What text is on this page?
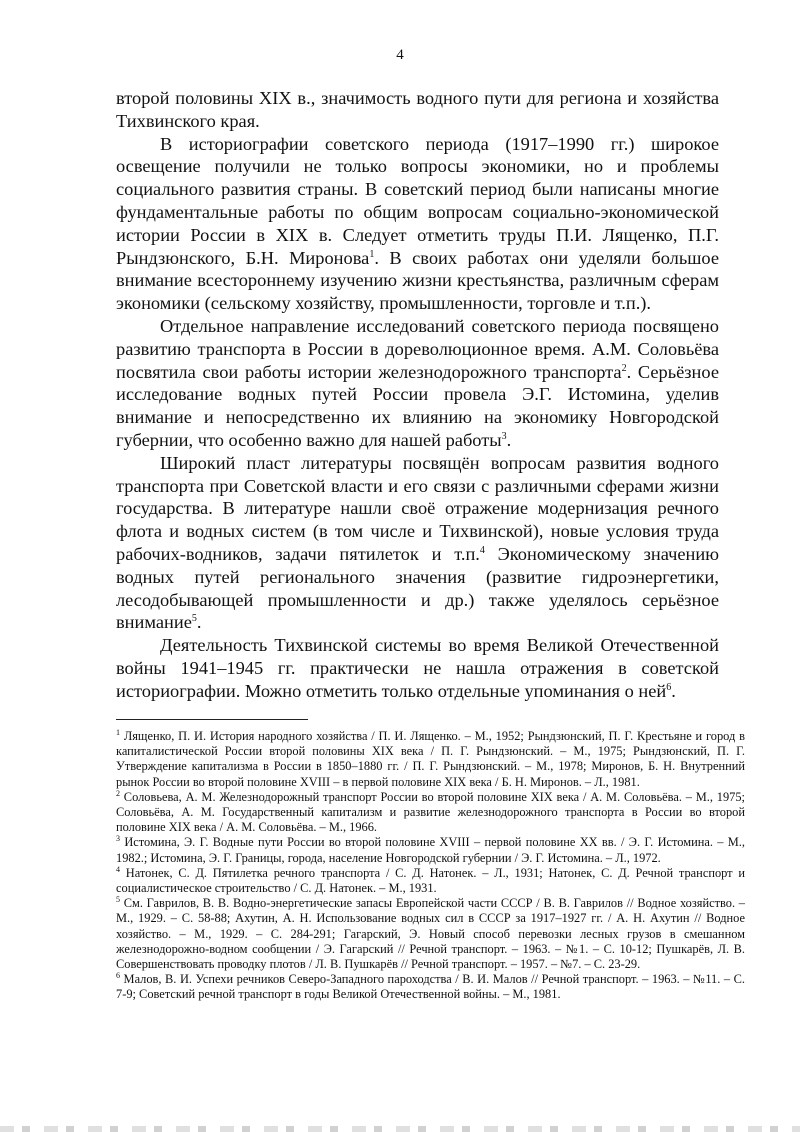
4

второй половины XIX в., значимость водного пути для региона и хозяйства Тихвинского края.

В историографии советского периода (1917–1990 гг.) широкое освещение получили не только вопросы экономики, но и проблемы социального развития страны. В советский период были написаны многие фундаментальные работы по общим вопросам социально-экономической истории России в XIX в. Следует отметить труды П.И. Лященко, П.Г. Рындзюнского, Б.Н. Миронова$^1$. В своих работах они уделяли большое внимание всестороннему изучению жизни крестьянства, различным сферам экономики (сельскому хозяйству, промышленности, торговле и т.п.).

Отдельное направление исследований советского периода посвящено развитию транспорта в России в дореволюционное время. А.М. Соловьёва посвятила свои работы истории железнодорожного транспорта$^2$. Серьёзное исследование водных путей России провела Э.Г. Истомина, уделив внимание и непосредственно их влиянию на экономику Новгородской губернии, что особенно важно для нашей работы$^3$.

Широкий пласт литературы посвящён вопросам развития водного транспорта при Советской власти и его связи с различными сферами жизни государства. В литературе нашли своё отражение модернизация речного флота и водных систем (в том числе и Тихвинской), новые условия труда рабочих-водников, задачи пятилеток и т.п.$^4$ Экономическому значению водных путей регионального значения (развитие гидроэнергетики, лесодобывающей промышленности и др.) также уделялось серьёзное внимание$^5$.

Деятельность Тихвинской системы во время Великой Отечественной войны 1941–1945 гг. практически не нашла отражения в советской историографии. Можно отметить только отдельные упоминания о ней$^6$.

$^1$ Лященко, П. И. История народного хозяйства / П. И. Лященко. – М., 1952; Рындзюнский, П. Г. Крестьяне и город в капиталистической России второй половины XIX века / П. Г. Рындзюнский. – М., 1975; Рындзюнский, П. Г. Утверждение капитализма в России в 1850–1880 гг. / П. Г. Рындзюнский. – М., 1978; Миронов, Б. Н. Внутренний рынок России во второй половине XVIII – в первой половине XIX века / Б. Н. Миронов. – Л., 1981.

$^2$ Соловьева, А. М. Железнодорожный транспорт России во второй половине XIX века / А. М. Соловьёва. – М., 1975; Соловьёва, А. М. Государственный капитализм и развитие железнодорожного транспорта в России во второй половине XIX века / А. М. Соловьёва. – М., 1966.

$^3$ Истомина, Э. Г. Водные пути России во второй половине XVIII – первой половине XX вв. / Э. Г. Истомина. – М., 1982.; Истомина, Э. Г. Границы, города, население Новгородской губернии / Э. Г. Истомина. – Л., 1972.

$^4$ Натонек, С. Д. Пятилетка речного транспорта / С. Д. Натонек. – Л., 1931; Натонек, С. Д. Речной транспорт и социалистическое строительство / С. Д. Натонек. – М., 1931.

$^5$ См. Гаврилов, В. В. Водно-энергетические запасы Европейской части СССР / В. В. Гаврилов // Водное хозяйство. – М., 1929. – С. 58-88; Ахутин, А. Н. Использование водных сил в СССР за 1917–1927 гг. / А. Н. Ахутин // Водное хозяйство. – М., 1929. – С. 284-291; Гагарский, Э. Новый способ перевозки лесных грузов в смешанном железнодорожно-водном сообщении / Э. Гагарский // Речной транспорт. – 1963. – №1. – С. 10-12; Пушкарёв, Л. В. Совершенствовать проводку плотов / Л. В. Пушкарёв // Речной транспорт. – 1957. – №7. – С. 23-29.

$^6$ Малов, В. И. Успехи речников Северо-Западного пароходства / В. И. Малов // Речной транспорт. – 1963. – №11. – С. 7-9; Советский речной транспорт в годы Великой Отечественной войны. – М., 1981.
